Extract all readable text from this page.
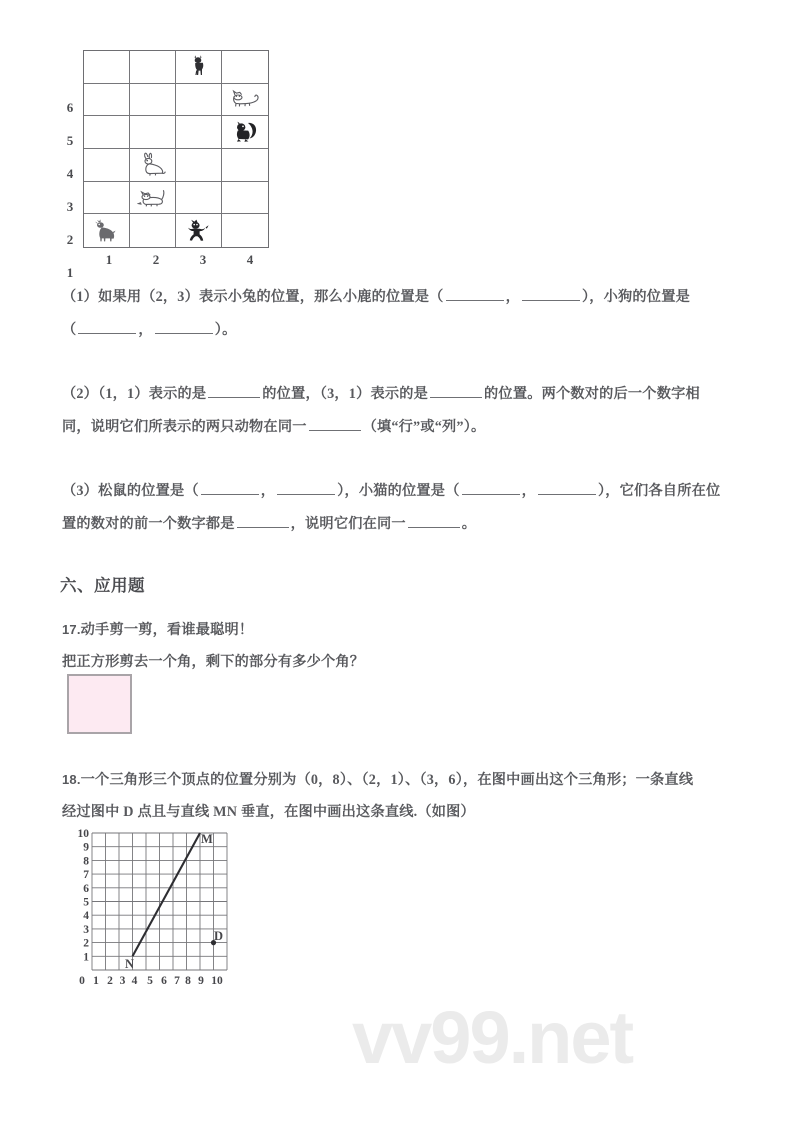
6
5
4
3
2
1
1	2	3	4
（1）如果用（2，3）表示小兔的位置，那么小鹿的位置是（	，	），小狗的位置是
（	，	）。
（2）（1，1）表示的是	的位置，（3，1）表示的是	的位置。两个数对的后一个数字相
同，说明它们所表示的两只动物在同一	（填“行”或“列”）。
（3）松鼠的位置是（	，	），小猫的位置是（	，	），它们各自所在位
置的数对的前一个数字都是	，说明它们在同一	。
六、应用题
17.动手剪一剪，看谁最聪明！
把正方形剪去一个角，剩下的部分有多少个角？
18.一个三角形三个顶点的位置分别为（0，8）、（2，1）、（3，6），在图中画出这个三角形；一条直线
经过图中 D 点且与直线 MN 垂直，在图中画出这条直线.（如图）
M
N
D
10
9
8
7
6
5
4
3
2
1
0 1 2 3 4 5 6 7 8 9 10
vv99.net
